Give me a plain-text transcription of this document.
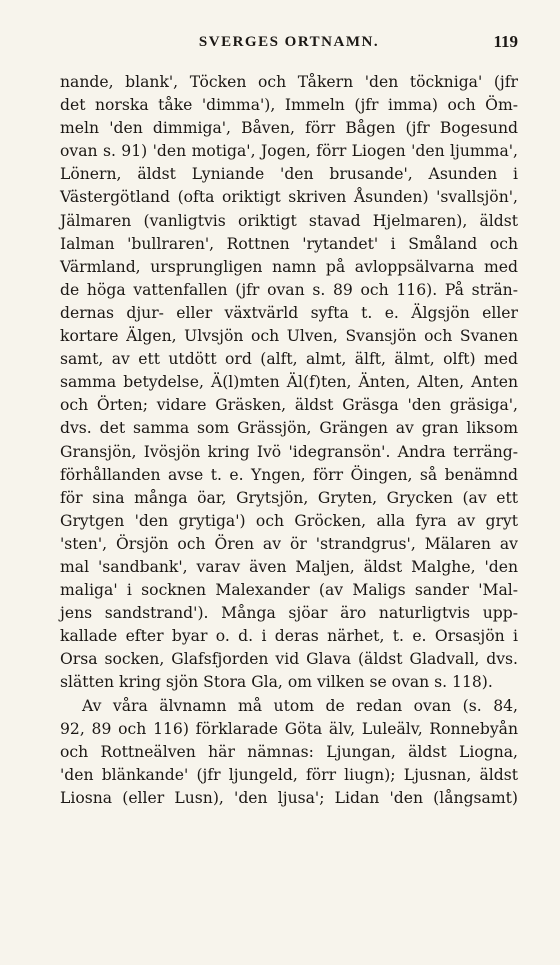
SVERGES ORTNAMN.	119
nande, blank', Töcken och Tåkern 'den töckniga' (jfr
det norska tåke 'dimma'), Immeln (jfr imma) och Öm-
meln 'den dimmiga', Båven, förr Bågen (jfr Bogesund
ovan s. 91) 'den motiga', Jogen, förr Liogen 'den ljumma',
Lönern, äldst Lyniande 'den brusande', Asunden i
Västergötland (ofta oriktigt skriven Åsunden) 'svallsjön',
Jälmaren (vanligtvis oriktigt stavad Hjelmaren), äldst
Ialman 'bullraren', Rottnen 'rytandet' i Småland och
Värmland, ursprungligen namn på avloppsälvarna med
de höga vattenfallen (jfr ovan s. 89 och 116). På strän-
dernas djur- eller växtvärld syfta t. e. Älgsjön eller
kortare Älgen, Ulvsjön och Ulven, Svansjön och Svanen
samt, av ett utdött ord (alft, almt, älft, älmt, olft) med
samma betydelse, Ä(l)mten Äl(f)ten, Änten, Alten, Anten
och Örten; vidare Gräsken, äldst Gräsga 'den gräsiga',
dvs. det samma som Grässjön, Grängen av gran liksom
Gransjön, Ivösjön kring Ivö 'idegransön'. Andra terräng-
förhållanden avse t. e. Yngen, förr Öingen, så benämnd
för sina många öar, Grytsjön, Gryten, Grycken (av ett
Grytgen 'den grytiga') och Gröcken, alla fyra av gryt
'sten', Örsjön och Ören av ör 'strandgrus', Mälaren av
mal 'sandbank', varav även Maljen, äldst Malghe, 'den
maliga' i socknen Malexander (av Maligs sander 'Mal-
jens sandstrand'). Många sjöar äro naturligtvis upp-
kallade efter byar o. d. i deras närhet, t. e. Orsasjön i
Orsa socken, Glafsfjorden vid Glava (äldst Gladvall, dvs.
slätten kring sjön Stora Gla, om vilken se ovan s. 118).
Av våra älvnamn må utom de redan ovan (s. 84,
92, 89 och 116) förklarade Göta älv, Luleälv, Ronnebyån
och Rottneälven här nämnas: Ljungan, äldst Liogna,
'den blänkande' (jfr ljungeld, förr liugn); Ljusnan, äldst
Liosna (eller Lusn), 'den ljusa'; Lidan 'den (långsamt)
